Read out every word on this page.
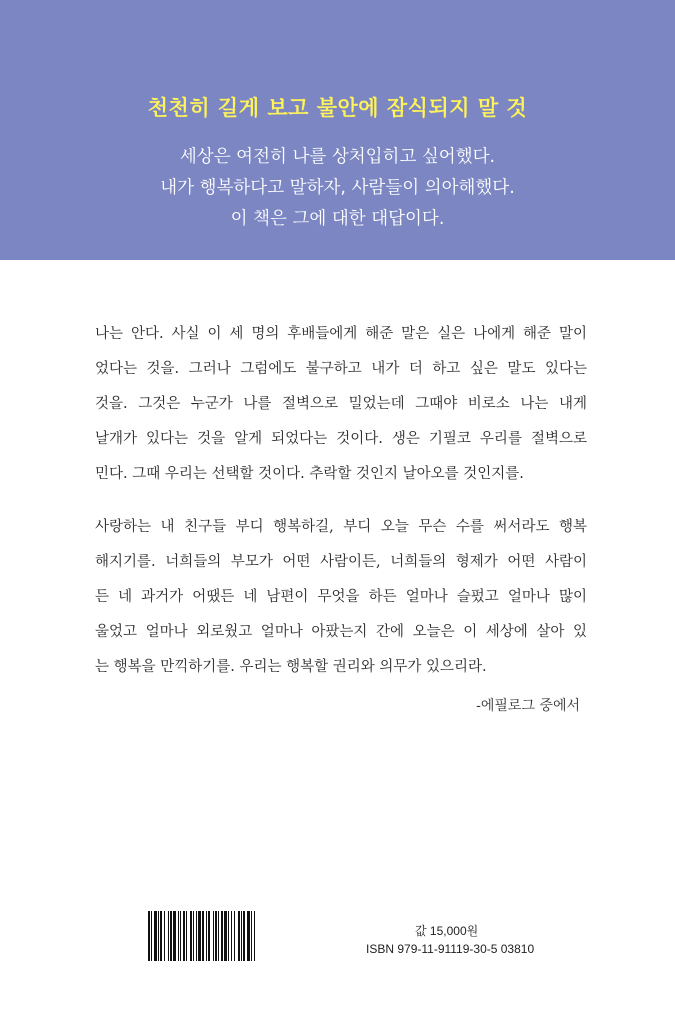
천천히 길게 보고 불안에 잠식되지 말 것
세상은 여전히 나를 상처입히고 싶어했다.
내가 행복하다고 말하자, 사람들이 의아해했다.
이 책은 그에 대한 대답이다.
나는 안다. 사실 이 세 명의 후배들에게 해준 말은 실은 나에게 해준 말이
었다는 것을. 그러나 그럼에도 불구하고 내가 더 하고 싶은 말도 있다는
것을. 그것은 누군가 나를 절벽으로 밀었는데 그때야 비로소 나는 내게
날개가 있다는 것을 알게 되었다는 것이다. 생은 기필코 우리를 절벽으로
민다. 그때 우리는 선택할 것이다. 추락할 것인지 날아오를 것인지를.
사랑하는 내 친구들 부디 행복하길, 부디 오늘 무슨 수를 써서라도 행복
해지기를. 너희들의 부모가 어떤 사람이든, 너희들의 형제가 어떤 사람이
든 네 과거가 어땠든 네 남편이 무엇을 하든 얼마나 슬펐고 얼마나 많이
울었고 얼마나 외로웠고 얼마나 아팠는지 간에 오늘은 이 세상에 살아 있
는 행복을 만끽하기를. 우리는 행복할 권리와 의무가 있으리라.
-에필로그 중에서
값 15,000원
ISBN 979-11-91119-30-5 03810
